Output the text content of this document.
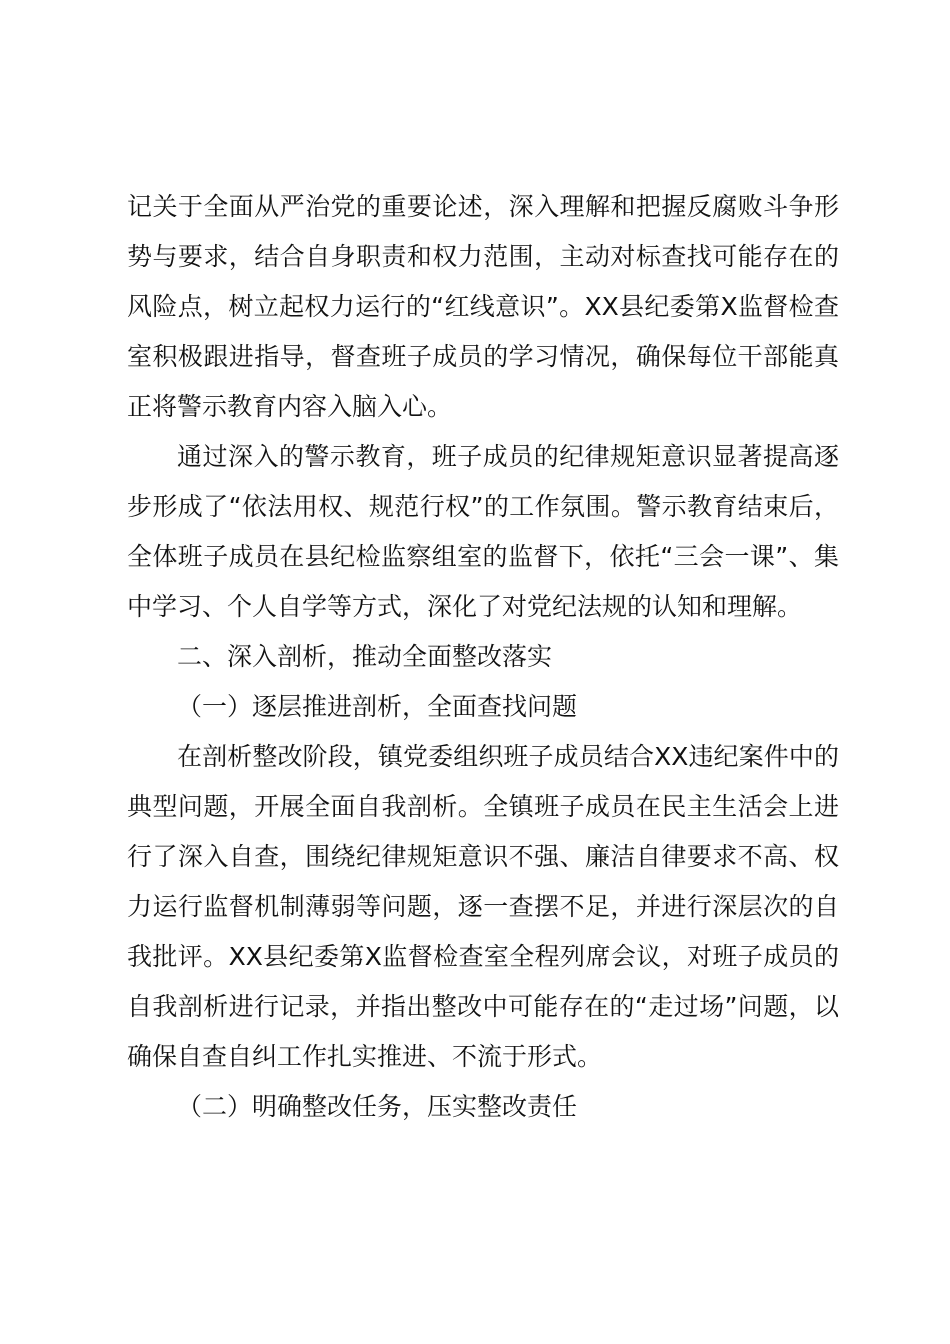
记关于全面从严治党的重要论述，深入理解和把握反腐败斗争形势与要求，结合自身职责和权力范围，主动对标查找可能存在的风险点，树立起权力运行的“红线意识”。XX县纪委第X监督检查室积极跟进指导，督查班子成员的学习情况，确保每位干部能真正将警示教育内容入脑入心。

通过深入的警示教育，班子成员的纪律规矩意识显著提高逐步形成了“依法用权、规范行权”的工作氛围。警示教育结束后，全体班子成员在县纪检监察组室的监督下，依托“三会一课”、集中学习、个人自学等方式，深化了对党纪法规的认知和理解。

二、深入剖析，推动全面整改落实

（一）逐层推进剖析，全面查找问题

在剖析整改阶段，镇党委组织班子成员结合XX违纪案件中的典型问题，开展全面自我剖析。全镇班子成员在民主生活会上进行了深入自查，围绕纪律规矩意识不强、廉洁自律要求不高、权力运行监督机制薄弱等问题，逐一查摆不足，并进行深层次的自我批评。XX县纪委第X监督检查室全程列席会议，对班子成员的自我剖析进行记录，并指出整改中可能存在的“走过场”问题，以确保自查自纠工作扎实推进、不流于形式。

（二）明确整改任务，压实整改责任
